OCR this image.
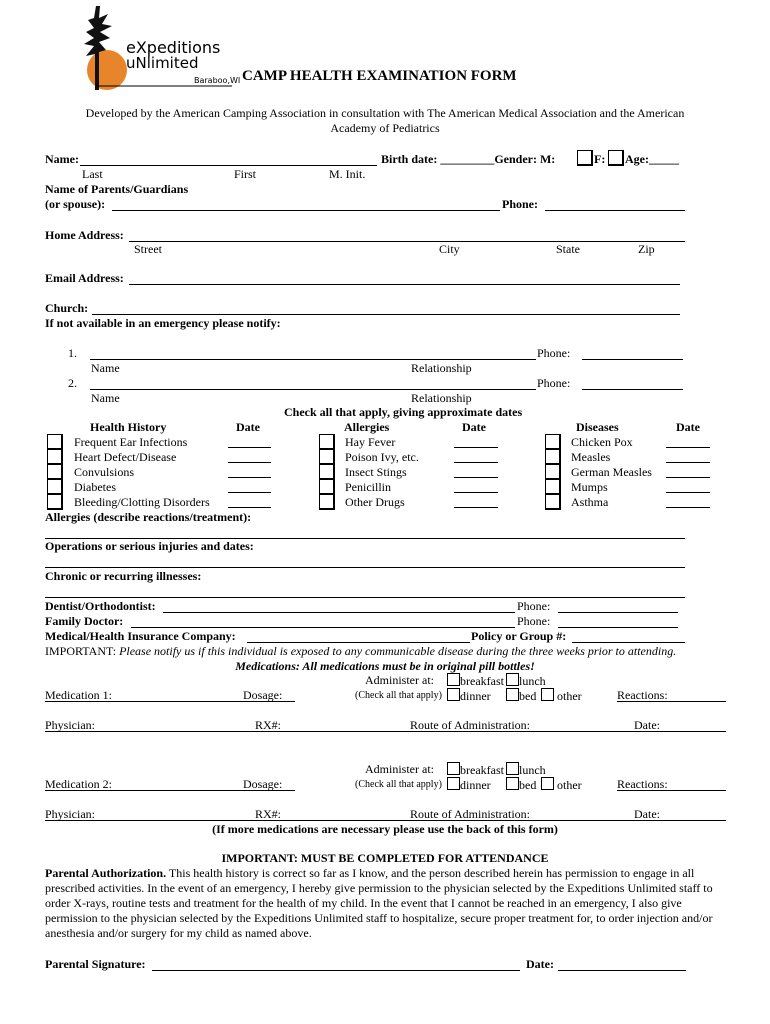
eXpeditions
uNlimited
Baraboo,WI CAMP HEALTH EXAMINATION FORM
Developed by the American Camping Association in consultation with The American Medical Association and the American
Academy of Pediatrics
Name:	Birth date: _________Gender: M:	F: Age:_____
Last	First	M. Init.
Name of Parents/Guardians
(or spouse):	Phone:
Home Address:
Street	City	State	Zip
Email Address:
Church:
If not available in an emergency please notify:
1.	Phone:
Name	Relationship
2.	Phone:
Name	Relationship
Check all that apply, giving approximate dates
Health History	Date
Frequent Ear Infections
Heart Defect/Disease
Convulsions
Diabetes
Bleeding/Clotting Disorders
Allergies	Date
Hay Fever
Poison Ivy, etc.
Insect Stings
Penicillin
Other Drugs
Diseases	Date
Chicken Pox
Measles
German Measles
Mumps
Asthma
Allergies (describe reactions/treatment):
Operations or serious injuries and dates:
Chronic or recurring illnesses:
Dentist/Orthodontist:	Phone:
Family Doctor:	Phone:
Medical/Health Insurance Company:	Policy or Group #:
IMPORTANT: Please notify us if this individual is exposed to any communicable disease during the three weeks prior to attending.
Medications: All medications must be in original pill bottles!
Administer at:	breakfast	lunch
Medication 1:	Dosage:	(Check all that apply)	dinner	bed	other	Reactions:
Physician:	RX#:	Route of Administration:	Date:
Administer at:	breakfast	lunch
Medication 2:	Dosage:	(Check all that apply)	dinner	bed	other	Reactions:
Physician:	RX#:	Route of Administration:	Date:
(If more medications are necessary please use the back of this form)
IMPORTANT: MUST BE COMPLETED FOR ATTENDANCE
Parental Authorization. This health history is correct so far as I know, and the person described herein has permission to engage in all prescribed activities. In the event of an emergency, I hereby give permission to the physician selected by the Expeditions Unlimited staff to order X-rays, routine tests and treatment for the health of my child. In the event that I cannot be reached in an emergency, I also give permission to the physician selected by the Expeditions Unlimited staff to hospitalize, secure proper treatment for, to order injection and/or anesthesia and/or surgery for my child as named above.
Parental Signature:	Date:
